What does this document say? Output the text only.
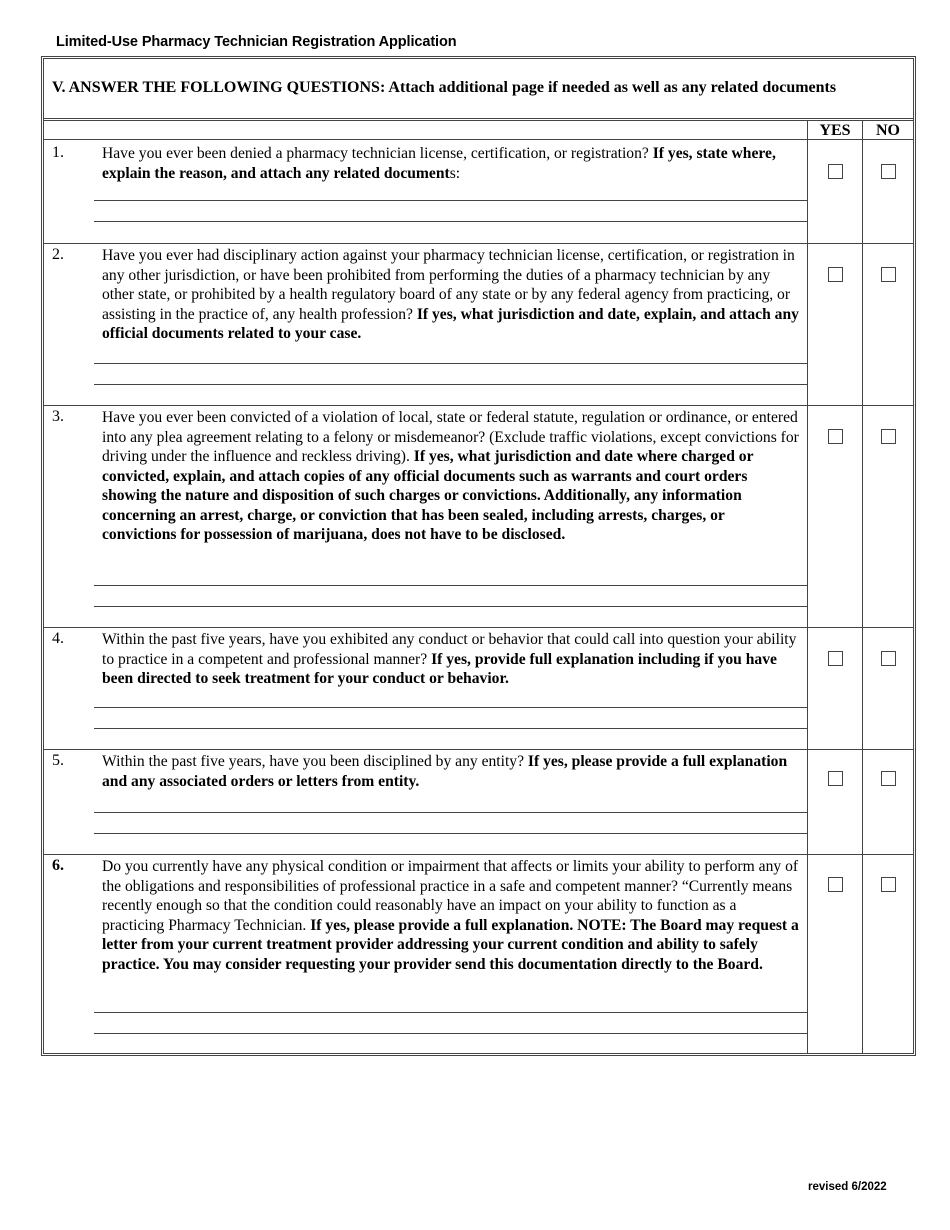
Limited-Use Pharmacy Technician Registration Application
V. ANSWER THE FOLLOWING QUESTIONS: Attach additional page if needed as well as any related documents
YES	NO
1. Have you ever been denied a pharmacy technician license, certification, or registration? If yes, state where, explain the reason, and attach any related documents:
2. Have you ever had disciplinary action against your pharmacy technician license, certification, or registration in any other jurisdiction, or have been prohibited from performing the duties of a pharmacy technician by any other state, or prohibited by a health regulatory board of any state or by any federal agency from practicing, or assisting in the practice of, any health profession? If yes, what jurisdiction and date, explain, and attach any official documents related to your case.
3. Have you ever been convicted of a violation of local, state or federal statute, regulation or ordinance, or entered into any plea agreement relating to a felony or misdemeanor? (Exclude traffic violations, except convictions for driving under the influence and reckless driving). If yes, what jurisdiction and date where charged or convicted, explain, and attach copies of any official documents such as warrants and court orders showing the nature and disposition of such charges or convictions. Additionally, any information concerning an arrest, charge, or conviction that has been sealed, including arrests, charges, or convictions for possession of marijuana, does not have to be disclosed.
4. Within the past five years, have you exhibited any conduct or behavior that could call into question your ability to practice in a competent and professional manner? If yes, provide full explanation including if you have been directed to seek treatment for your conduct or behavior.
5. Within the past five years, have you been disciplined by any entity? If yes, please provide a full explanation and any associated orders or letters from entity.
6. Do you currently have any physical condition or impairment that affects or limits your ability to perform any of the obligations and responsibilities of professional practice in a safe and competent manner? “Currently means recently enough so that the condition could reasonably have an impact on your ability to function as a practicing Pharmacy Technician. If yes, please provide a full explanation. NOTE: The Board may request a letter from your current treatment provider addressing your current condition and ability to safely practice. You may consider requesting your provider send this documentation directly to the Board.
revised 6/2022
